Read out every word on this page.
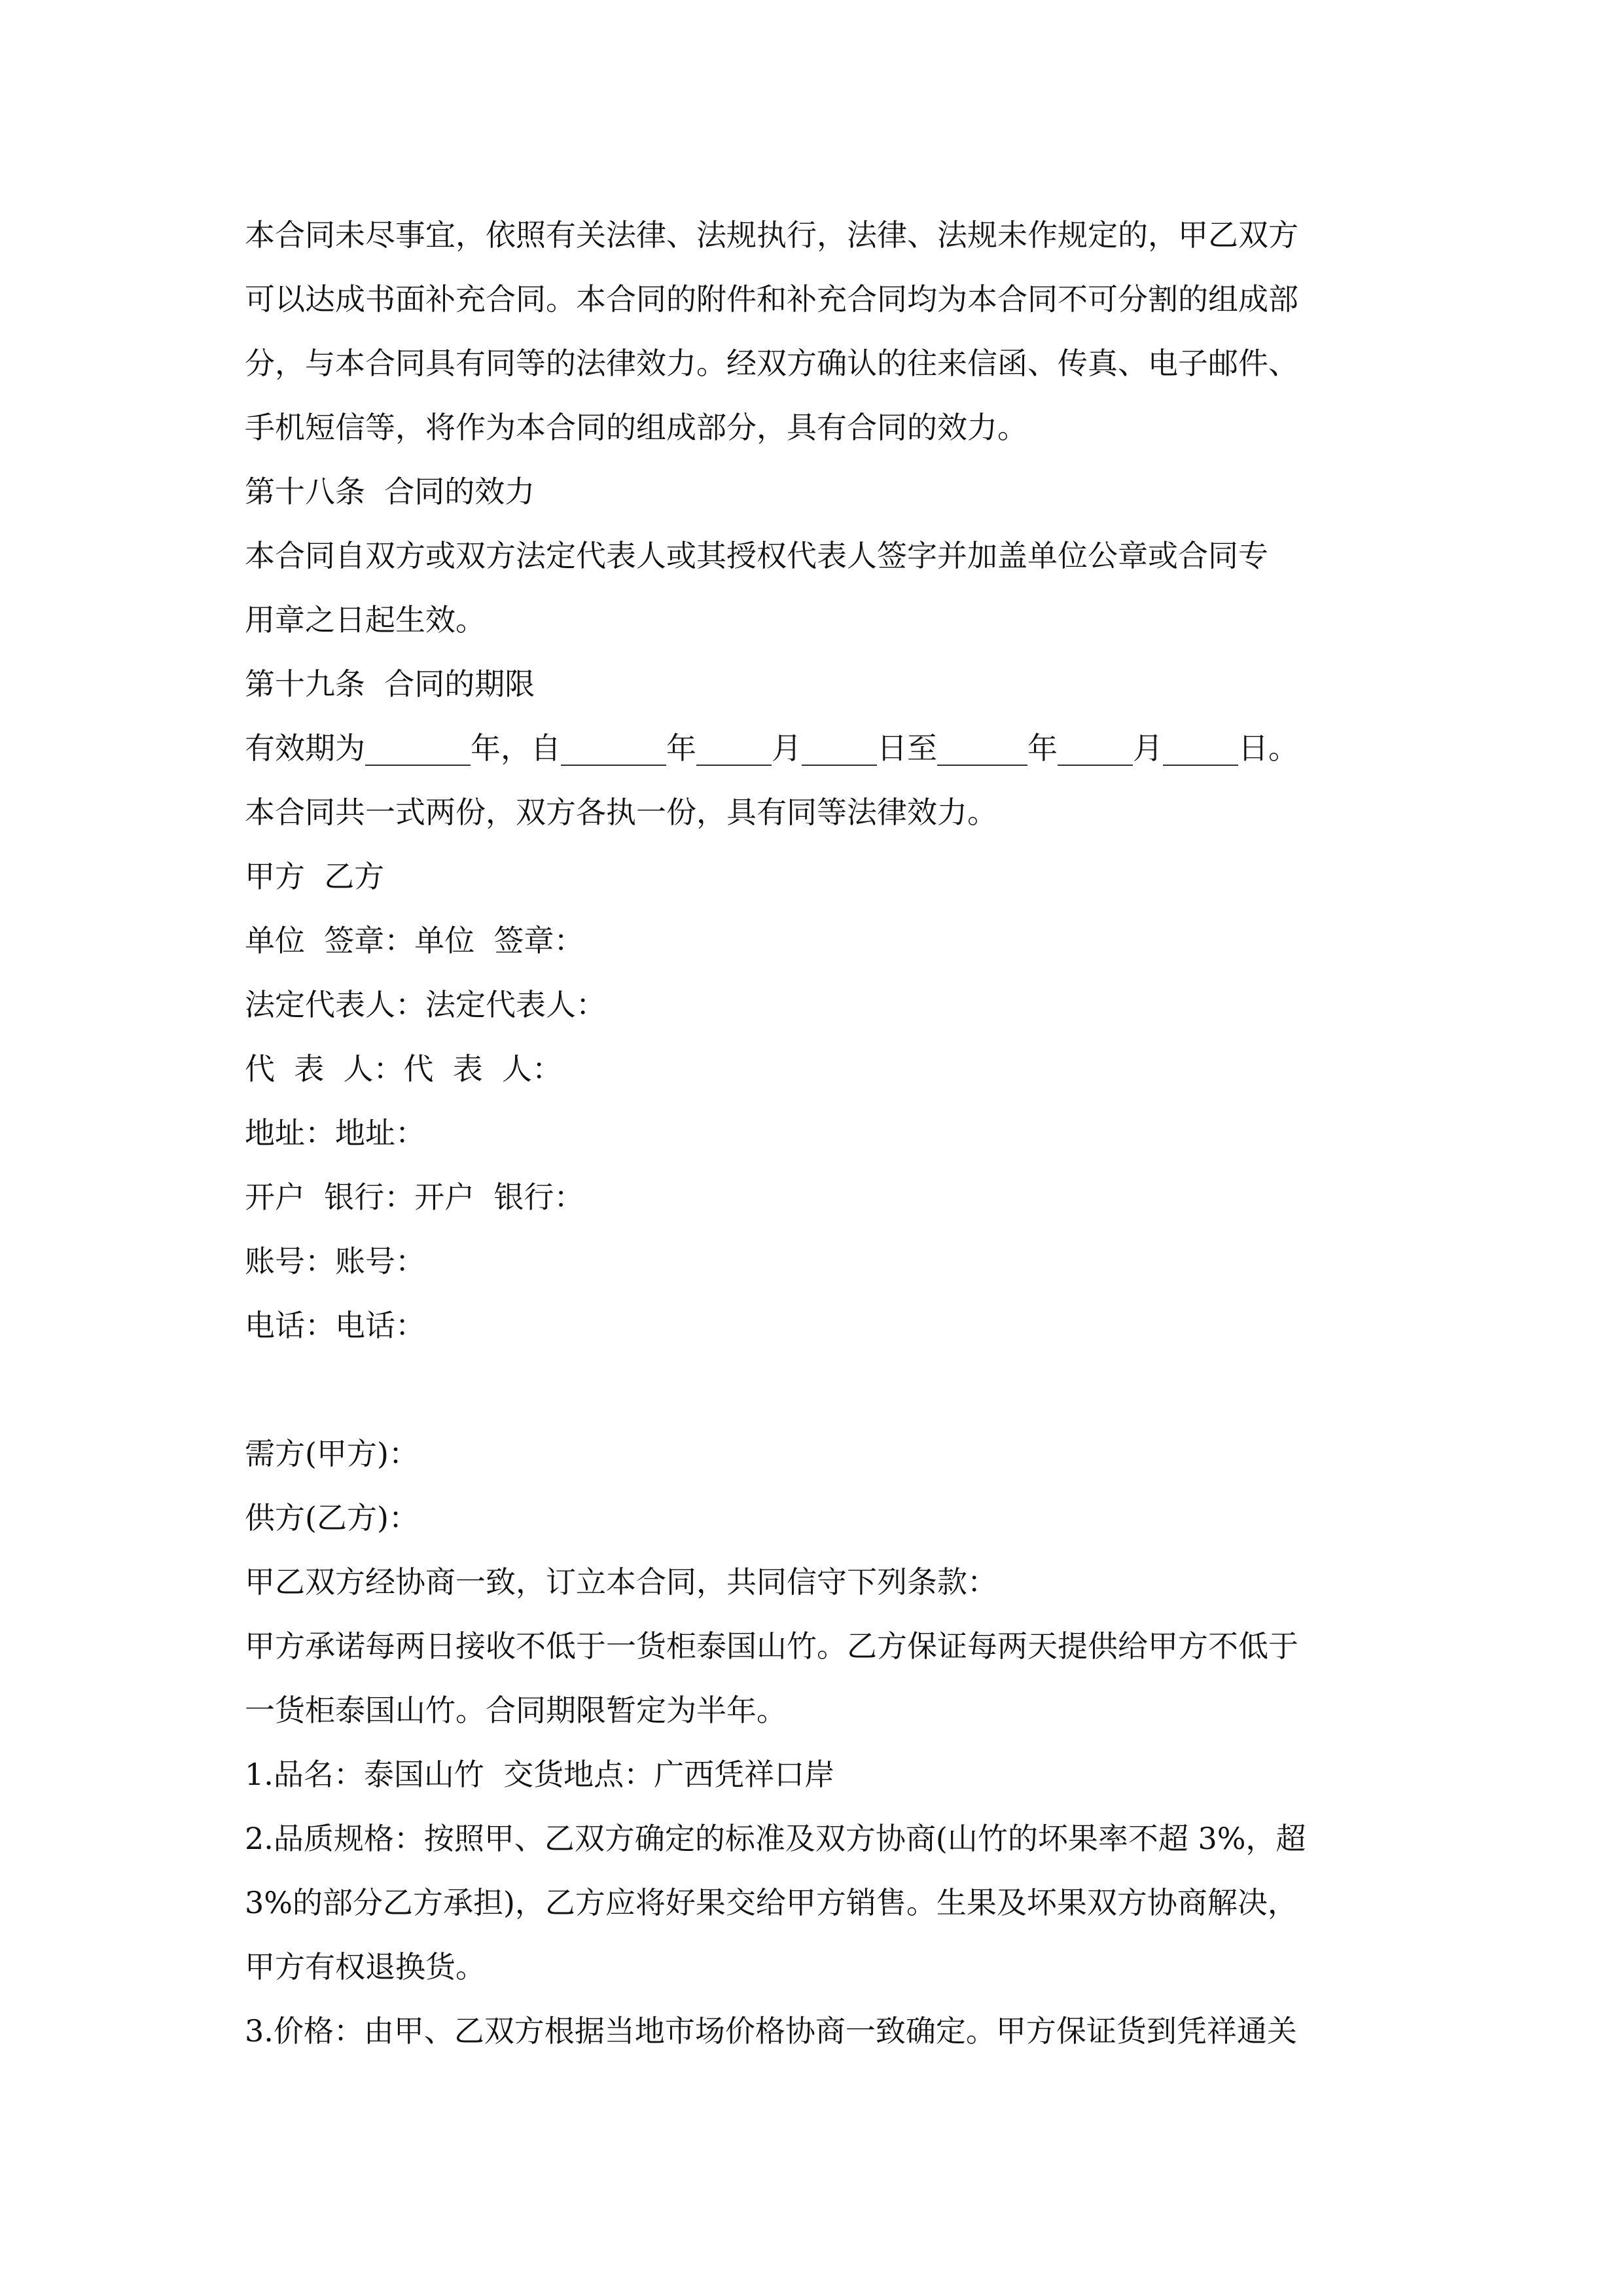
本合同未尽事宜，依照有关法律、法规执行，法律、法规未作规定的，甲乙双方
可以达成书面补充合同。本合同的附件和补充合同均为本合同不可分割的组成部
分，与本合同具有同等的法律效力。经双方确认的往来信函、传真、电子邮件、
手机短信等，将作为本合同的组成部分，具有合同的效力。
第十八条  合同的效力
本合同自双方或双方法定代表人或其授权代表人签字并加盖单位公章或合同专
用章之日起生效。
第十九条  合同的期限
有效期为_______年，自_______年_____月_____日至______年_____月_____日。
本合同共一式两份，双方各执一份，具有同等法律效力。
甲方  乙方
单位  签章：单位  签章：
法定代表人：法定代表人：
代  表  人：代  表  人：
地址：地址：
开户  银行：开户  银行：
账号：账号：
电话：电话：
需方(甲方)：
供方(乙方)：
甲乙双方经协商一致，订立本合同，共同信守下列条款：
甲方承诺每两日接收不低于一货柜泰国山竹。乙方保证每两天提供给甲方不低于
一货柜泰国山竹。合同期限暂定为半年。
1.品名：泰国山竹  交货地点：广西凭祥口岸
2.品质规格：按照甲、乙双方确定的标准及双方协商(山竹的坏果率不超 3%，超
3%的部分乙方承担)，乙方应将好果交给甲方销售。生果及坏果双方协商解决，
甲方有权退换货。
3.价格：由甲、乙双方根据当地市场价格协商一致确定。甲方保证货到凭祥通关
